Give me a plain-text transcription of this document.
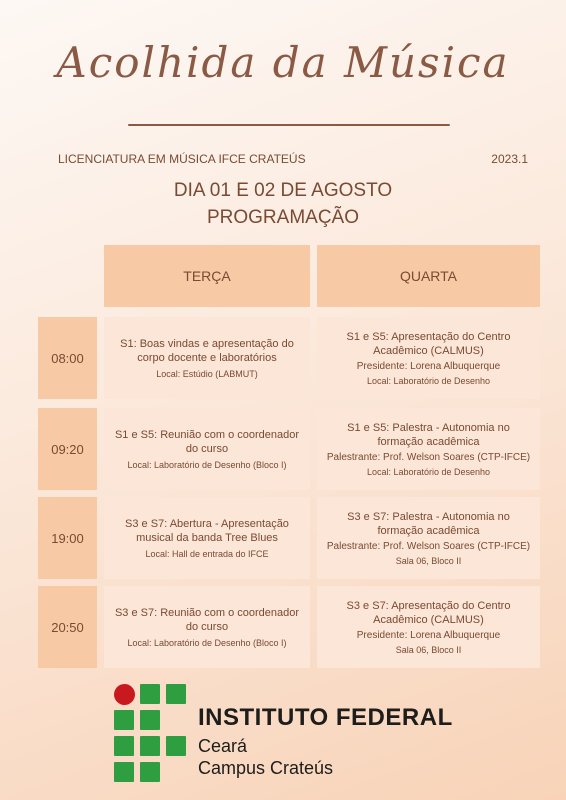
Acolhida da Música
LICENCIATURA EM MÚSICA IFCE CRATEÚS	2023.1
DIA 01 E 02 DE AGOSTO
PROGRAMAÇÃO
TERÇA	QUARTA
08:00
S1: Boas vindas e apresentação do corpo docente e laboratórios
Local: Estúdio (LABMUT)
S1 e S5: Apresentação do Centro Acadêmico (CALMUS)
Presidente: Lorena Albuquerque
Local: Laboratório de Desenho
09:20
S1 e S5: Reunião com o coordenador do curso
Local: Laboratório de Desenho (Bloco I)
S1 e S5: Palestra - Autonomia no formação acadêmica
Palestrante: Prof. Welson Soares (CTP-IFCE)
Local: Laboratório de Desenho
19:00
S3 e S7: Abertura - Apresentação musical da banda Tree Blues
Local: Hall de entrada do IFCE
S3 e S7: Palestra - Autonomia no formação acadêmica
Palestrante: Prof. Welson Soares (CTP-IFCE)
Sala 06, Bloco II
20:50
S3 e S7: Reunião com o coordenador do curso
Local: Laboratório de Desenho (Bloco I)
S3 e S7: Apresentação do Centro Acadêmico (CALMUS)
Presidente: Lorena Albuquerque
Sala 06, Bloco II
INSTITUTO FEDERAL
Ceará
Campus Crateús
